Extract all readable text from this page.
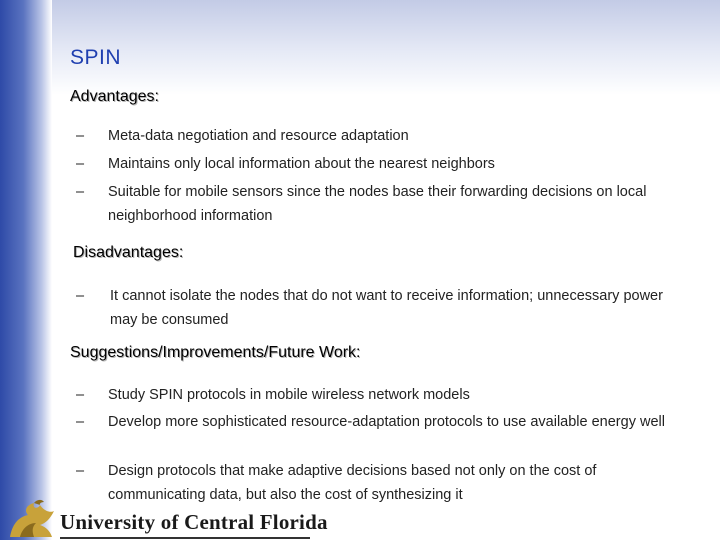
SPIN
Advantages:
–	Meta-data negotiation and resource adaptation
–	Maintains only local information about the nearest neighbors
–	Suitable for mobile sensors since the nodes base their forwarding decisions on local neighborhood information
Disadvantages:
–	It cannot isolate the nodes that do not want to receive information; unnecessary power may be consumed
Suggestions/Improvements/Future Work:
–	Study SPIN protocols in mobile wireless network models
–	Develop more sophisticated resource-adaptation protocols to use available energy well
–	Design protocols that make adaptive decisions based not only on the cost of communicating data, but also the cost of synthesizing it
University of Central Florida
